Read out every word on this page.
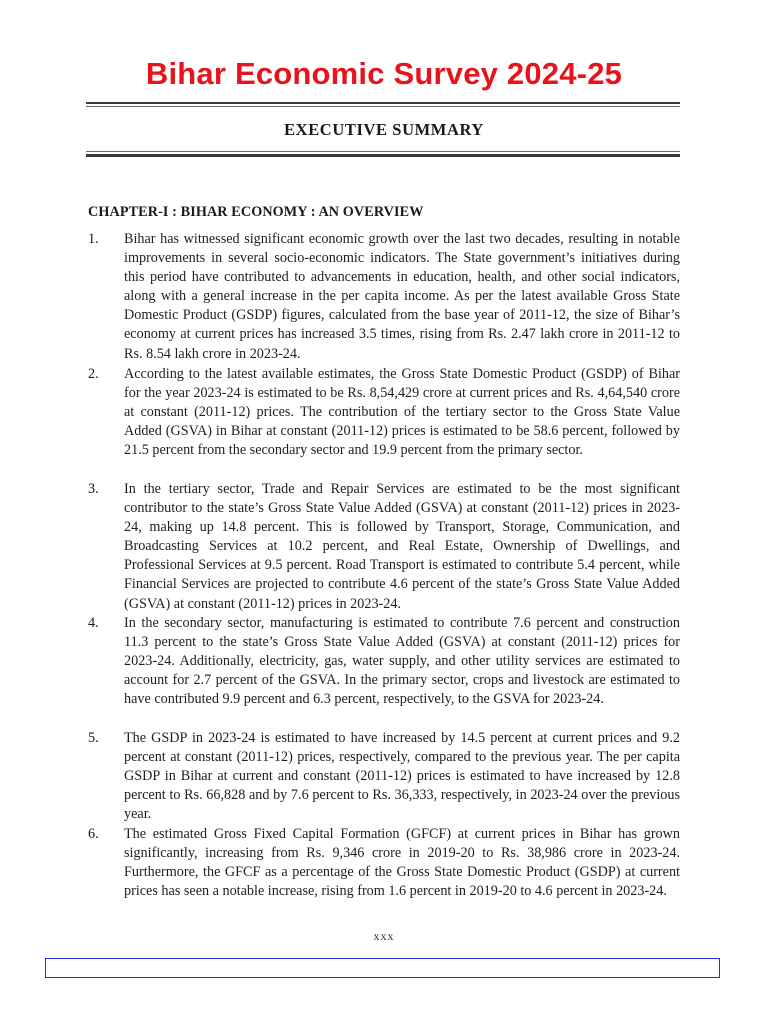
Bihar Economic Survey 2024-25
EXECUTIVE SUMMARY
CHAPTER-I : BIHAR ECONOMY : AN OVERVIEW
1. Bihar has witnessed significant economic growth over the last two decades, resulting in notable improvements in several socio-economic indicators. The State government’s initiatives during this period have contributed to advancements in education, health, and other social indicators, along with a general increase in the per capita income. As per the latest available Gross State Domestic Product (GSDP) figures, calculated from the base year of 2011-12, the size of Bihar’s economy at current prices has increased 3.5 times, rising from Rs. 2.47 lakh crore in 2011-12 to Rs. 8.54 lakh crore in 2023-24.
2. According to the latest available estimates, the Gross State Domestic Product (GSDP) of Bihar for the year 2023-24 is estimated to be Rs. 8,54,429 crore at current prices and Rs. 4,64,540 crore at constant (2011-12) prices. The contribution of the tertiary sector to the Gross State Value Added (GSVA) in Bihar at constant (2011-12) prices is estimated to be 58.6 percent, followed by 21.5 percent from the secondary sector and 19.9 percent from the primary sector.
3. In the tertiary sector, Trade and Repair Services are estimated to be the most significant contributor to the state’s Gross State Value Added (GSVA) at constant (2011-12) prices in 2023-24, making up 14.8 percent. This is followed by Transport, Storage, Communication, and Broadcasting Services at 10.2 percent, and Real Estate, Ownership of Dwellings, and Professional Services at 9.5 percent. Road Transport is estimated to contribute 5.4 percent, while Financial Services are projected to contribute 4.6 percent of the state’s Gross State Value Added (GSVA) at constant (2011-12) prices in 2023-24.
4. In the secondary sector, manufacturing is estimated to contribute 7.6 percent and construction 11.3 percent to the state’s Gross State Value Added (GSVA) at constant (2011-12) prices for 2023-24. Additionally, electricity, gas, water supply, and other utility services are estimated to account for 2.7 percent of the GSVA. In the primary sector, crops and livestock are estimated to have contributed 9.9 percent and 6.3 percent, respectively, to the GSVA for 2023-24.
5. The GSDP in 2023-24 is estimated to have increased by 14.5 percent at current prices and 9.2 percent at constant (2011-12) prices, respectively, compared to the previous year. The per capita GSDP in Bihar at current and constant (2011-12) prices is estimated to have increased by 12.8 percent to Rs. 66,828 and by 7.6 percent to Rs. 36,333, respectively, in 2023-24 over the previous year.
6. The estimated Gross Fixed Capital Formation (GFCF) at current prices in Bihar has grown significantly, increasing from Rs. 9,346 crore in 2019-20 to Rs. 38,986 crore in 2023-24. Furthermore, the GFCF as a percentage of the Gross State Domestic Product (GSDP) at current prices has seen a notable increase, rising from 1.6 percent in 2019-20 to 4.6 percent in 2023-24.
xxx
